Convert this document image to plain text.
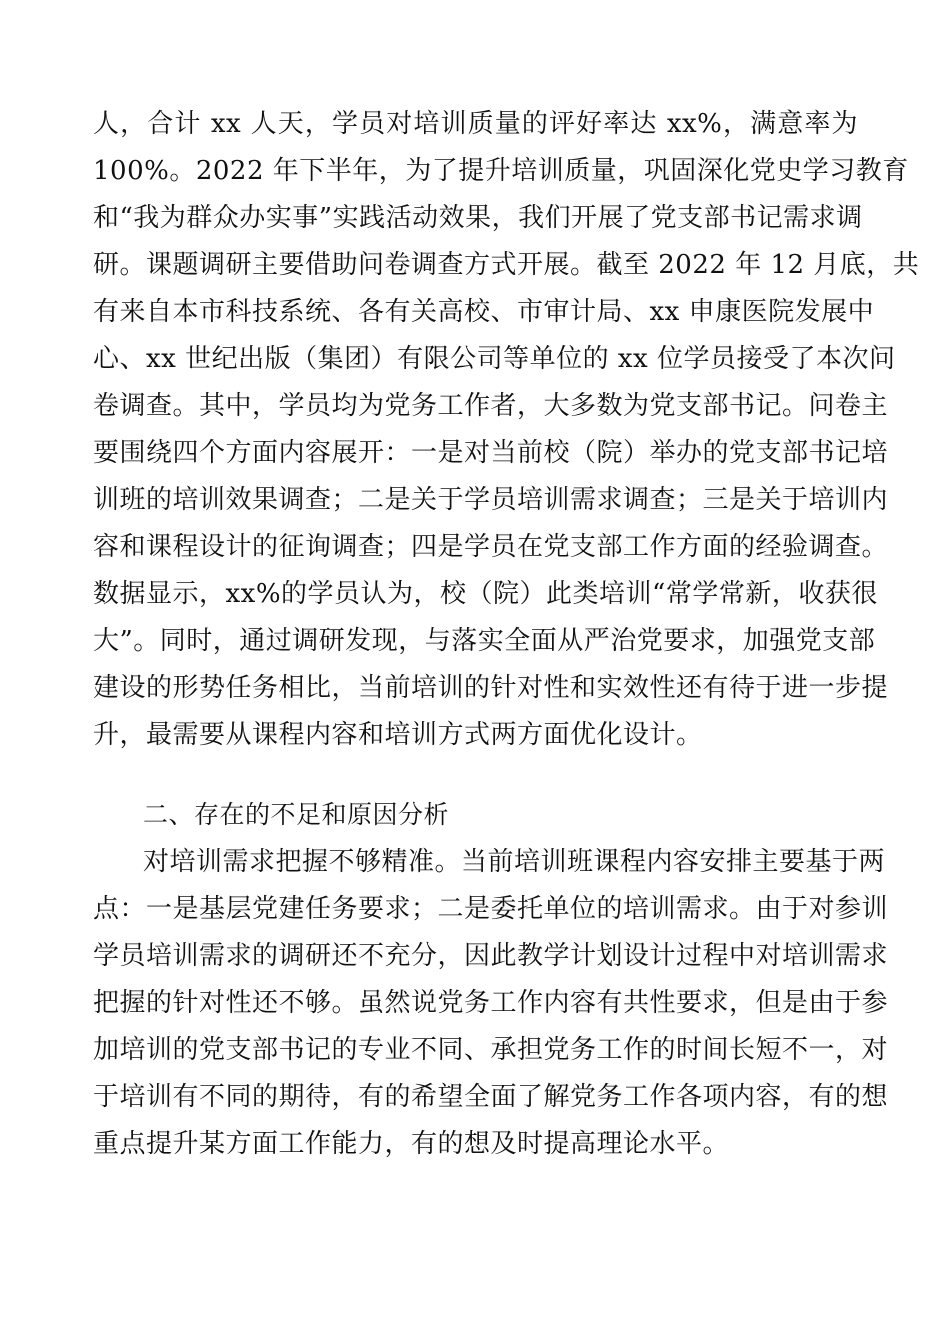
人，合计 xx 人天，学员对培训质量的评好率达 xx%，满意率为
100%。2022 年下半年，为了提升培训质量，巩固深化党史学习教育
和“我为群众办实事”实践活动效果，我们开展了党支部书记需求调
研。课题调研主要借助问卷调查方式开展。截至 2022 年 12 月底，共
有来自本市科技系统、各有关高校、市审计局、xx 申康医院发展中
心、xx 世纪出版（集团）有限公司等单位的 xx 位学员接受了本次问
卷调查。其中，学员均为党务工作者，大多数为党支部书记。问卷主
要围绕四个方面内容展开：一是对当前校（院）举办的党支部书记培
训班的培训效果调查；二是关于学员培训需求调查；三是关于培训内
容和课程设计的征询调查；四是学员在党支部工作方面的经验调查。
数据显示，xx%的学员认为，校（院）此类培训“常学常新，收获很
大”。同时，通过调研发现，与落实全面从严治党要求，加强党支部
建设的形势任务相比，当前培训的针对性和实效性还有待于进一步提
升，最需要从课程内容和培训方式两方面优化设计。
二、存在的不足和原因分析
对培训需求把握不够精准。当前培训班课程内容安排主要基于两
点：一是基层党建任务要求；二是委托单位的培训需求。由于对参训
学员培训需求的调研还不充分，因此教学计划设计过程中对培训需求
把握的针对性还不够。虽然说党务工作内容有共性要求，但是由于参
加培训的党支部书记的专业不同、承担党务工作的时间长短不一，对
于培训有不同的期待，有的希望全面了解党务工作各项内容，有的想
重点提升某方面工作能力，有的想及时提高理论水平。
